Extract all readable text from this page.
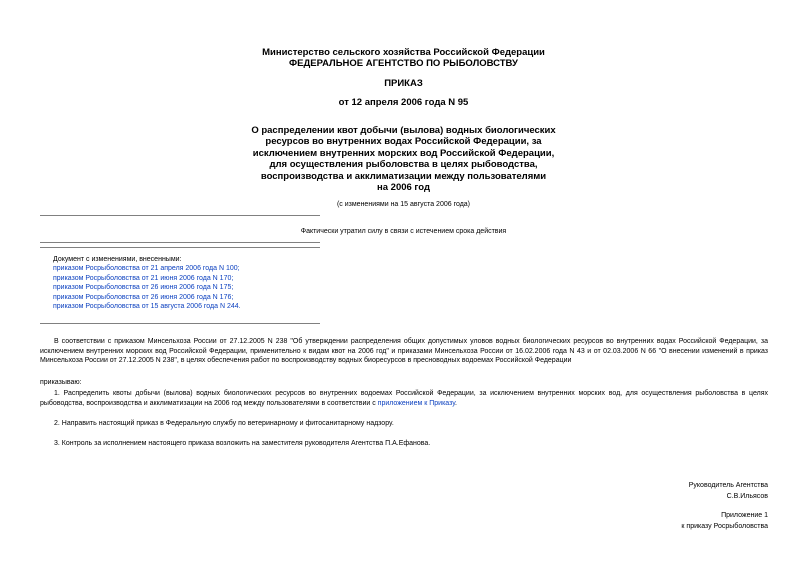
Министерство сельского хозяйства Российской Федерации
ФЕДЕРАЛЬНОЕ АГЕНТСТВО ПО РЫБОЛОВСТВУ
ПРИКАЗ
от 12 апреля 2006 года N 95
О распределении квот добычи (вылова) водных биологических
ресурсов во внутренних водах Российской Федерации, за
исключением внутренних морских вод Российской Федерации,
для осуществления рыболовства в целях рыбоводства,
воспроизводства и акклиматизации между пользователями
на 2006 год
(с изменениями на 15 августа 2006 года)
Фактически утратил силу в связи с истечением срока действия
Документ с изменениями, внесенными:
приказом Росрыболовства от 21 апреля 2006 года N 100;
приказом Росрыболовства от 21 июня 2006 года N 170;
приказом Росрыболовства от 26 июня 2006 года N 175;
приказом Росрыболовства от 26 июня 2006 года N 176;
приказом Росрыболовства от 15 августа 2006 года N 244.
В соответствии с приказом Минсельхоза России от 27.12.2005 N 238 "Об утверждении распределения общих допустимых уловов водных биологических ресурсов во внутренних водах Российской Федерации, за исключением внутренних морских вод Российской Федерации, применительно к видам квот на 2006 год" и приказами Минсельхоза России от 16.02.2006 года N 43 и от 02.03.2006 N 66 "О внесении изменений в приказ Минсельхоза России от 27.12.2005 N 238", в целях обеспечения работ по воспроизводству водных биоресурсов в пресноводных водоемах Российской Федерации
приказываю:
1. Распределить квоты добычи (вылова) водных биологических ресурсов во внутренних водоемах Российской Федерации, за исключением внутренних морских вод, для осуществления рыболовства в целях рыбоводства, воспроизводства и акклиматизации на 2006 год между пользователями в соответствии с приложением к Приказу.
2. Направить настоящий приказ в Федеральную службу по ветеринарному и фитосанитарному надзору.
3. Контроль за исполнением настоящего приказа возложить на заместителя руководителя Агентства П.А.Ефанова.
Руководитель Агентства
С.В.Ильясов
Приложение 1
к приказу Росрыболовства
